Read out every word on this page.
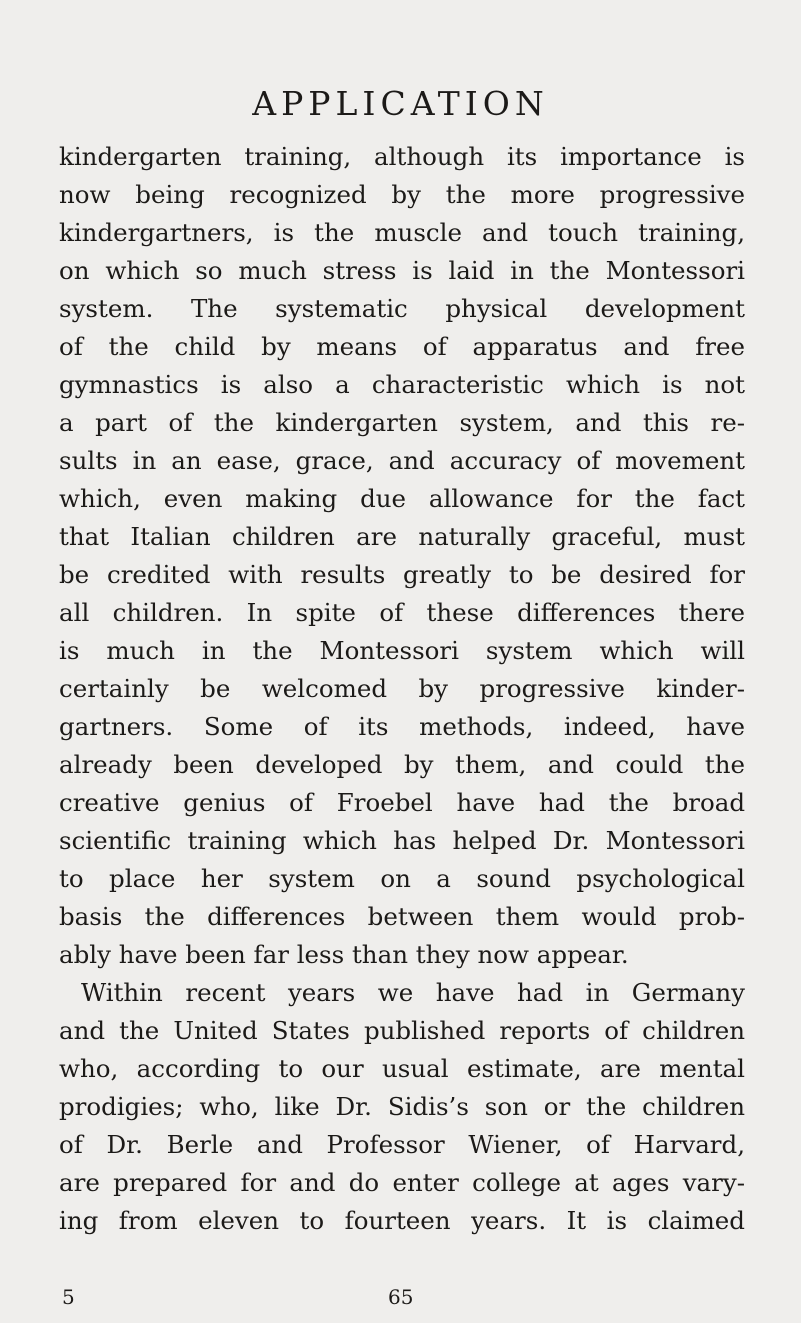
APPLICATION
kindergarten training, although its importance is
now being recognized by the more progressive
kindergartners, is the muscle and touch training,
on which so much stress is laid in the Montessori
system. The systematic physical development
of the child by means of apparatus and free
gymnastics is also a characteristic which is not
a part of the kindergarten system, and this re-
sults in an ease, grace, and accuracy of movement
which, even making due allowance for the fact
that Italian children are naturally graceful, must
be credited with results greatly to be desired for
all children. In spite of these differences there
is much in the Montessori system which will
certainly be welcomed by progressive kinder-
gartners. Some of its methods, indeed, have
already been developed by them, and could the
creative genius of Froebel have had the broad
scientific training which has helped Dr. Montessori
to place her system on a sound psychological
basis the differences between them would prob-
ably have been far less than they now appear.
Within recent years we have had in Germany
and the United States published reports of children
who, according to our usual estimate, are mental
prodigies; who, like Dr. Sidis’s son or the children
of Dr. Berle and Professor Wiener, of Harvard,
are prepared for and do enter college at ages vary-
ing from eleven to fourteen years. It is claimed
5	65
